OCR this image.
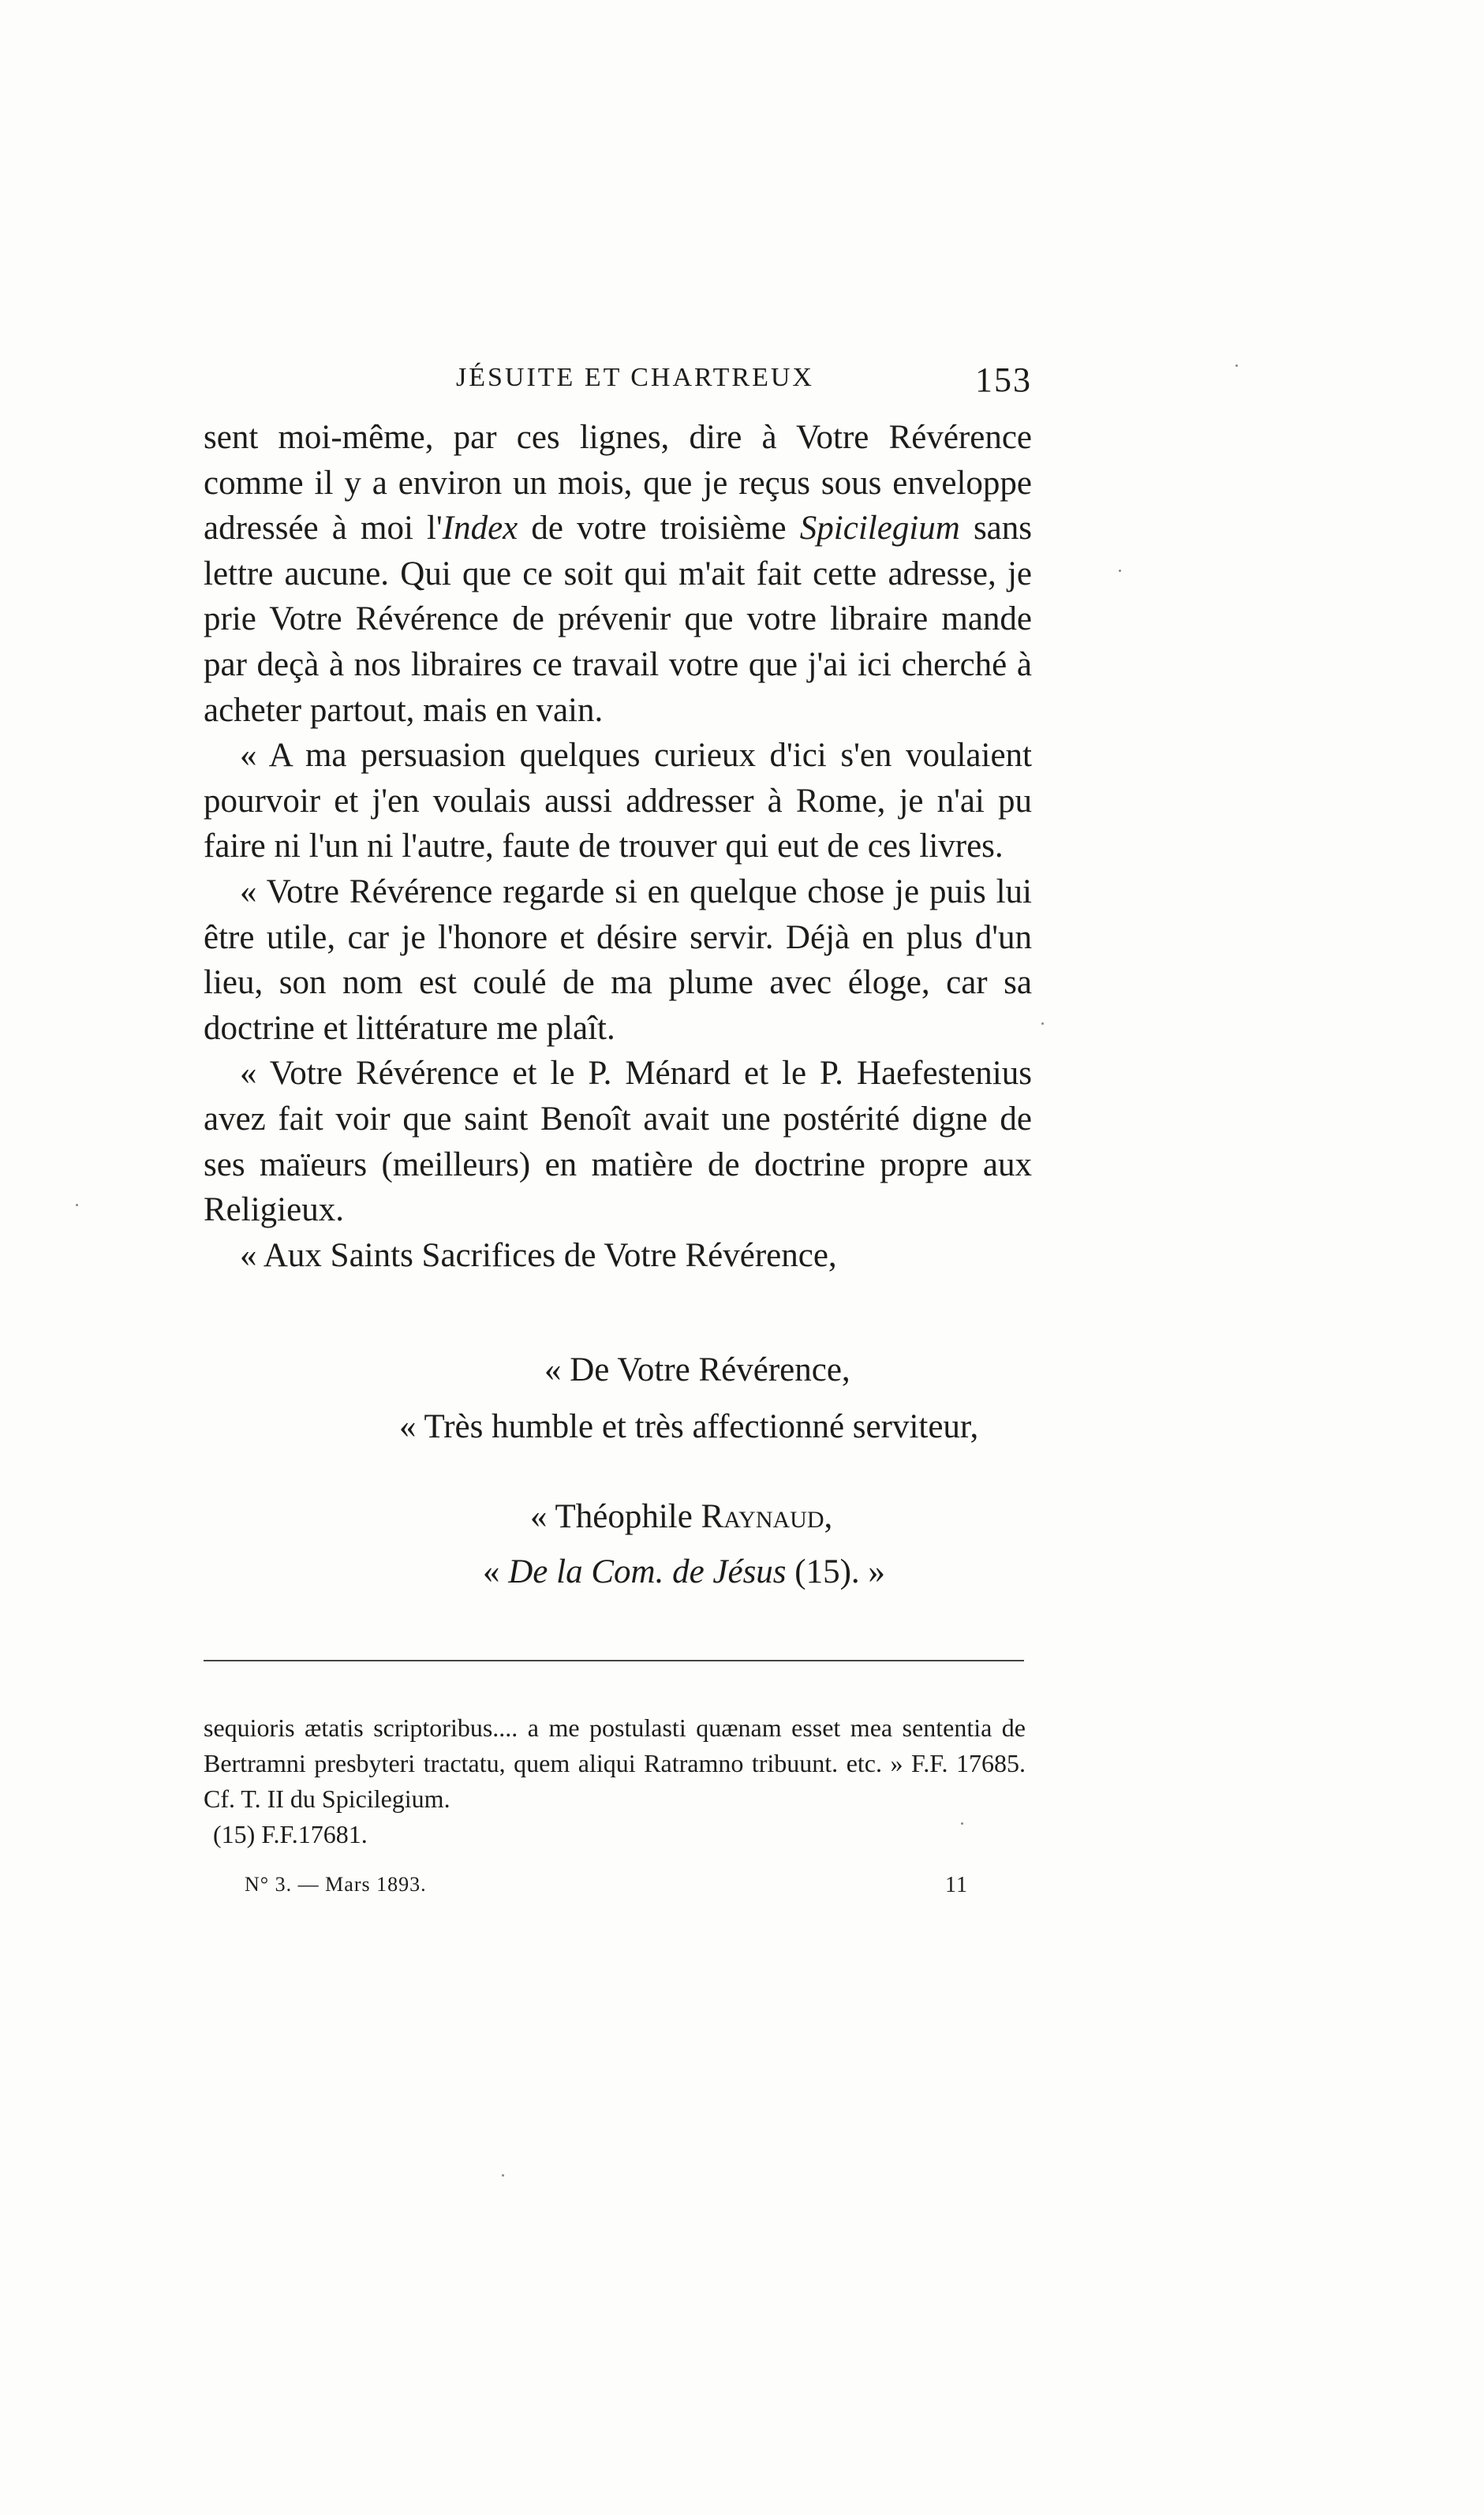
JÉSUITE ET CHARTREUX	153

sent moi-même, par ces lignes, dire à Votre Révérence comme il y a environ un mois, que je reçus sous enveloppe adressée à moi l'Index de votre troisième Spicilegium sans lettre aucune. Qui que ce soit qui m'ait fait cette adresse, je prie Votre Révérence de prévenir que votre libraire mande par deçà à nos libraires ce travail votre que j'ai ici cherché à acheter partout, mais en vain.

« A ma persuasion quelques curieux d'ici s'en voulaient pourvoir et j'en voulais aussi addresser à Rome, je n'ai pu faire ni l'un ni l'autre, faute de trouver qui eut de ces livres.

« Votre Révérence regarde si en quelque chose je puis lui être utile, car je l'honore et désire servir. Déjà en plus d'un lieu, son nom est coulé de ma plume avec éloge, car sa doctrine et littérature me plaît.

« Votre Révérence et le P. Ménard et le P. Haefestenius avez fait voir que saint Benoît avait une postérité digne de ses maïeurs (meilleurs) en matière de doctrine propre aux Religieux.

« Aux Saints Sacrifices de Votre Révérence,

« De Votre Révérence,
« Très humble et très affectionné serviteur,
« Théophile Raynaud,
« De la Com. de Jésus (15). »

sequioris ætatis scriptoribus.... a me postulasti quænam esset mea sententia de Bertramni presbyteri tractatu, quem aliqui Ratramno tribuunt. etc. » F.F. 17685. Cf. T. II du Spicilegium.

(15) F.F.17681.

N° 3. — Mars 1893.	11
